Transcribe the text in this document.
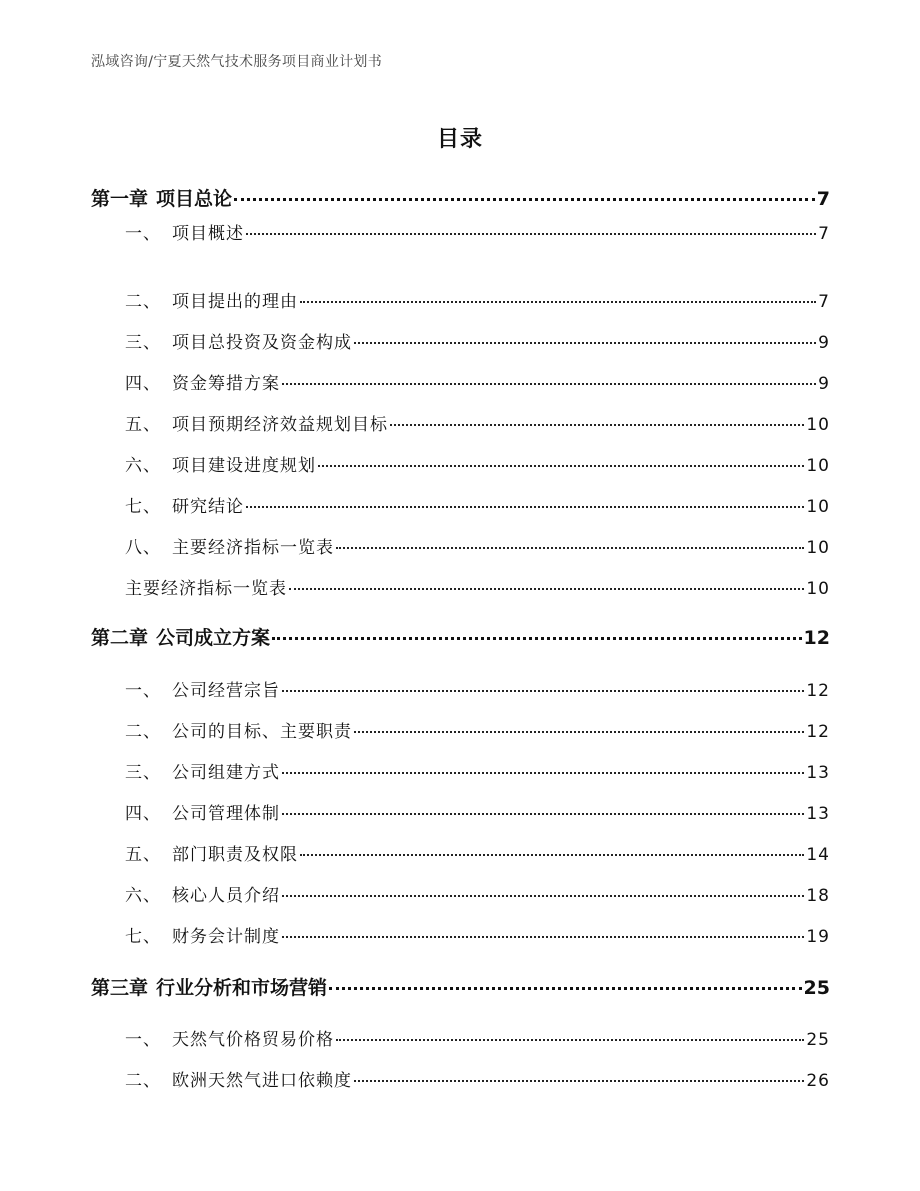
泓域咨询/宁夏天然气技术服务项目商业计划书
目录
第一章 项目总论	7
一、 项目概述	7
二、 项目提出的理由	7
三、 项目总投资及资金构成	9
四、 资金筹措方案	9
五、 项目预期经济效益规划目标	10
六、 项目建设进度规划	10
七、 研究结论	10
八、 主要经济指标一览表	10
主要经济指标一览表	10
第二章 公司成立方案	12
一、 公司经营宗旨	12
二、 公司的目标、主要职责	12
三、 公司组建方式	13
四、 公司管理体制	13
五、 部门职责及权限	14
六、 核心人员介绍	18
七、 财务会计制度	19
第三章 行业分析和市场营销	25
一、 天然气价格贸易价格	25
二、 欧洲天然气进口依赖度	26
